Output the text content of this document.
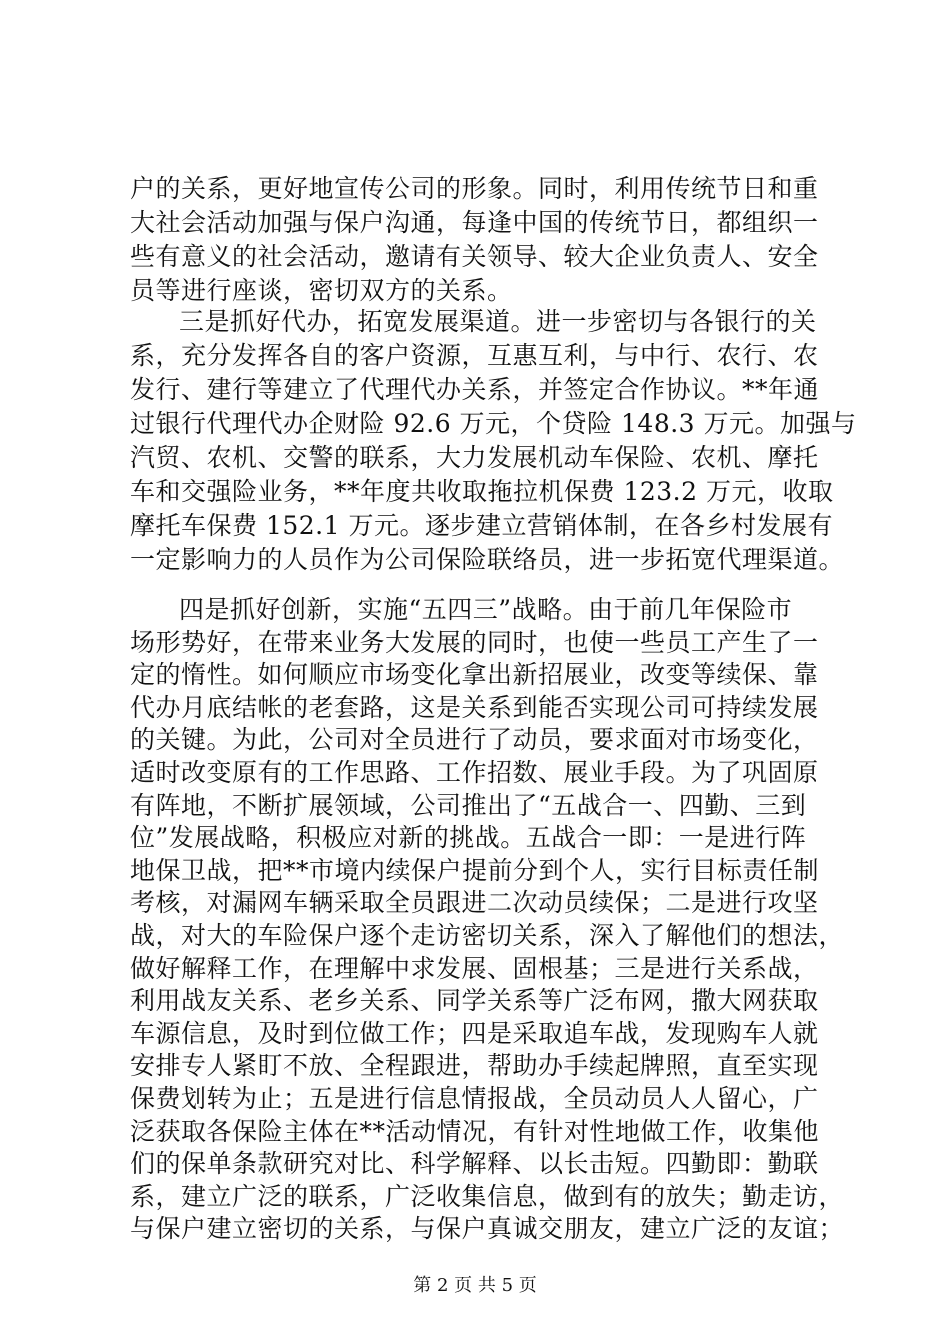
户的关系，更好地宣传公司的形象。同时，利用传统节日和重
大社会活动加强与保户沟通，每逢中国的传统节日，都组织一
些有意义的社会活动，邀请有关领导、较大企业负责人、安全
员等进行座谈，密切双方的关系。
三是抓好代办，拓宽发展渠道。进一步密切与各银行的关
系，充分发挥各自的客户资源，互惠互利，与中行、农行、农
发行、建行等建立了代理代办关系，并签定合作协议。**年通
过银行代理代办企财险 92.6 万元，个贷险 148.3 万元。加强与
汽贸、农机、交警的联系，大力发展机动车保险、农机、摩托
车和交强险业务，**年度共收取拖拉机保费 123.2 万元，收取
摩托车保费 152.1 万元。逐步建立营销体制，在各乡村发展有
一定影响力的人员作为公司保险联络员，进一步拓宽代理渠道。
四是抓好创新，实施“五四三”战略。由于前几年保险市
场形势好，在带来业务大发展的同时，也使一些员工产生了一
定的惰性。如何顺应市场变化拿出新招展业，改变等续保、靠
代办月底结帐的老套路，这是关系到能否实现公司可持续发展
的关键。为此，公司对全员进行了动员，要求面对市场变化，
适时改变原有的工作思路、工作招数、展业手段。为了巩固原
有阵地，不断扩展领域，公司推出了“五战合一、四勤、三到
位”发展战略，积极应对新的挑战。五战合一即：一是进行阵
地保卫战，把**市境内续保户提前分到个人，实行目标责任制
考核，对漏网车辆采取全员跟进二次动员续保；二是进行攻坚
战，对大的车险保户逐个走访密切关系，深入了解他们的想法，
做好解释工作，在理解中求发展、固根基；三是进行关系战，
利用战友关系、老乡关系、同学关系等广泛布网，撒大网获取
车源信息，及时到位做工作；四是采取追车战，发现购车人就
安排专人紧盯不放、全程跟进，帮助办手续起牌照，直至实现
保费划转为止；五是进行信息情报战，全员动员人人留心，广
泛获取各保险主体在**活动情况，有针对性地做工作，收集他
们的保单条款研究对比、科学解释、以长击短。四勤即：勤联
系，建立广泛的联系，广泛收集信息，做到有的放失；勤走访，
与保户建立密切的关系，与保户真诚交朋友，建立广泛的友谊；
第 2 页 共 5 页
